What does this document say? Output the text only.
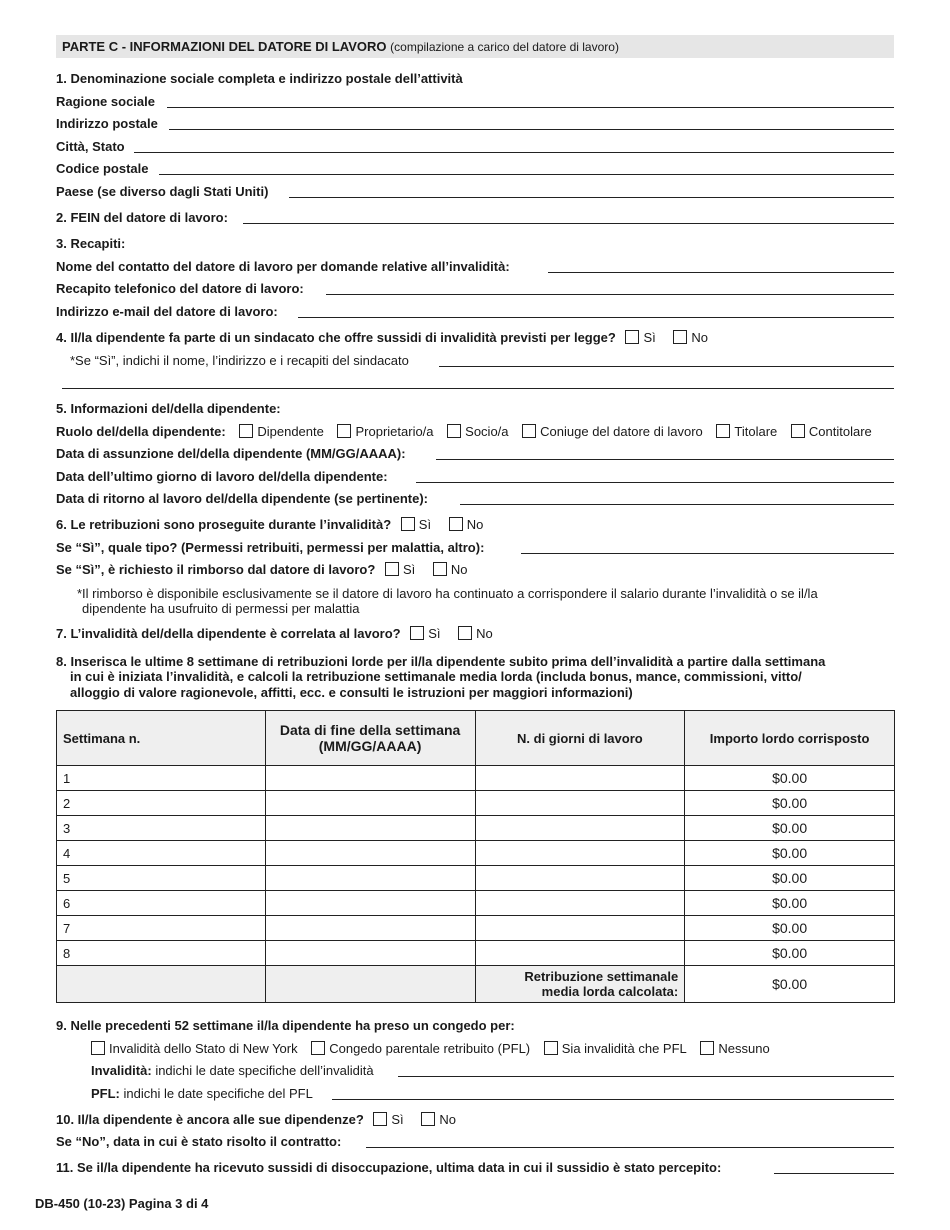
PARTE C - INFORMAZIONI DEL DATORE DI LAVORO (compilazione a carico del datore di lavoro)
1. Denominazione sociale completa e indirizzo postale dell’attività
Ragione sociale
Indirizzo postale
Città, Stato
Codice postale
Paese (se diverso dagli Stati Uniti)
2. FEIN del datore di lavoro:
3. Recapiti:
Nome del contatto del datore di lavoro per domande relative all’invalidità:
Recapito telefonico del datore di lavoro:
Indirizzo e-mail del datore di lavoro:
4. Il/la dipendente fa parte di un sindacato che offre sussidi di invalidità previsti per legge? Sì	No
*Se “Sì”, indichi il nome, l’indirizzo e i recapiti del sindacato
5. Informazioni del/della dipendente:
Ruolo del/della dipendente: Dipendente Proprietario/a Socio/a Coniuge del datore di lavoro Titolare Contitolare
Data di assunzione del/della dipendente (MM/GG/AAAA):
Data dell’ultimo giorno di lavoro del/della dipendente:
Data di ritorno al lavoro del/della dipendente (se pertinente):
6. Le retribuzioni sono proseguite durante l’invalidità? Sì	No
Se “Sì”, quale tipo? (Permessi retribuiti, permessi per malattia, altro):
Se “Sì”, è richiesto il rimborso dal datore di lavoro? Sì	No
*Il rimborso è disponibile esclusivamente se il datore di lavoro ha continuato a corrispondere il salario durante l’invalidità o se il/la
dipendente ha usufruito di permessi per malattia
7. L’invalidità del/della dipendente è correlata al lavoro? Sì	No
8. Inserisca le ultime 8 settimane di retribuzioni lorde per il/la dipendente subito prima dell’invalidità a partire dalla settimana
in cui è iniziata l’invalidità, e calcoli la retribuzione settimanale media lorda (includa bonus, mance, commissioni, vitto/
alloggio di valore ragionevole, affitti, ecc. e consulti le istruzioni per maggiori informazioni)
Settimana n.	Data di fine della settimana (MM/GG/AAAA)	N. di giorni di lavoro	Importo lordo corrisposto
1			$0.00
2			$0.00
3			$0.00
4			$0.00
5			$0.00
6			$0.00
7			$0.00
8			$0.00

		Retribuzione settimanale
media lorda calcolata:	$0.00
9. Nelle precedenti 52 settimane il/la dipendente ha preso un congedo per:
Invalidità dello Stato di New York Congedo parentale retribuito (PFL) Sia invalidità che PFL Nessuno
Invalidità: indichi le date specifiche dell’invalidità
PFL: indichi le date specifiche del PFL
10. Il/la dipendente è ancora alle sue dipendenze? Sì	No
Se “No”, data in cui è stato risolto il contratto:
11. Se il/la dipendente ha ricevuto sussidi di disoccupazione, ultima data in cui il sussidio è stato percepito:
DB-450 (10-23) Pagina 3 di 4
